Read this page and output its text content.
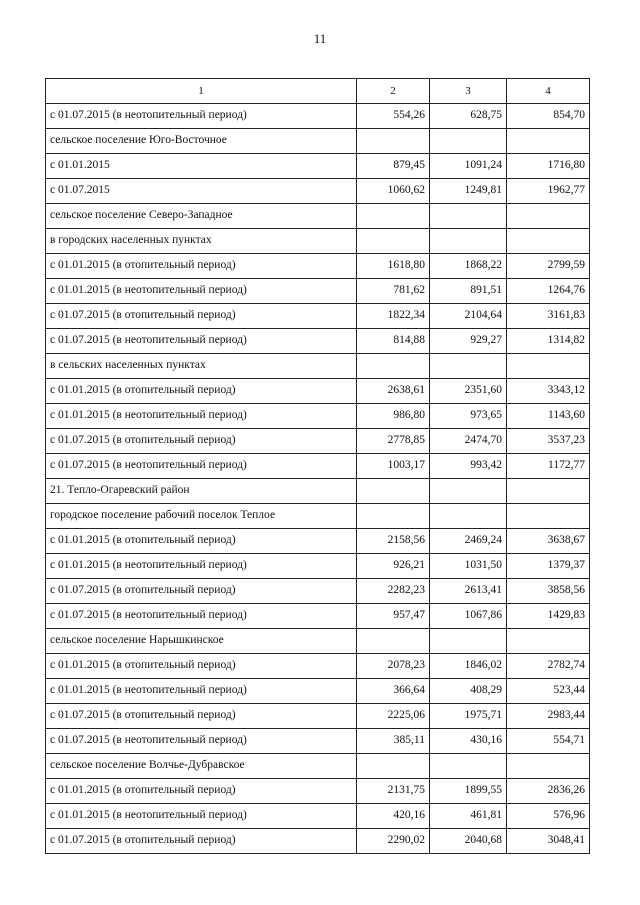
11
1	2	3	4
с 01.07.2015 (в неотопительный период)	554,26	628,75	854,70
сельское поселение Юго-Восточное			
с 01.01.2015	879,45	1091,24	1716,80
с 01.07.2015	1060,62	1249,81	1962,77
сельское поселение Северо-Западное			
в городских населенных пунктах			
с 01.01.2015 (в отопительный период)	1618,80	1868,22	2799,59
с 01.01.2015 (в неотопительный период)	781,62	891,51	1264,76
с 01.07.2015 (в отопительный период)	1822,34	2104,64	3161,83
с 01.07.2015 (в неотопительный период)	814,88	929,27	1314,82
в сельских населенных пунктах			
с 01.01.2015 (в отопительный период)	2638,61	2351,60	3343,12
с 01.01.2015 (в неотопительный период)	986,80	973,65	1143,60
с 01.07.2015 (в отопительный период)	2778,85	2474,70	3537,23
с 01.07.2015 (в неотопительный период)	1003,17	993,42	1172,77
21. Тепло-Огаревский район			
городское поселение рабочий поселок Теплое			
с 01.01.2015 (в отопительный период)	2158,56	2469,24	3638,67
с 01.01.2015 (в неотопительный период)	926,21	1031,50	1379,37
с 01.07.2015 (в отопительный период)	2282,23	2613,41	3858,56
с 01.07.2015 (в неотопительный период)	957,47	1067,86	1429,83
сельское поселение Нарышкинское			
с 01.01.2015 (в отопительный период)	2078,23	1846,02	2782,74
с 01.01.2015 (в неотопительный период)	366,64	408,29	523,44
с 01.07.2015 (в отопительный период)	2225,06	1975,71	2983,44
с 01.07.2015 (в неотопительный период)	385,11	430,16	554,71
сельское поселение Волчье-Дубравское			
с 01.01.2015 (в отопительный период)	2131,75	1899,55	2836,26
с 01.01.2015 (в неотопительный период)	420,16	461,81	576,96
с 01.07.2015 (в отопительный период)	2290,02	2040,68	3048,41
